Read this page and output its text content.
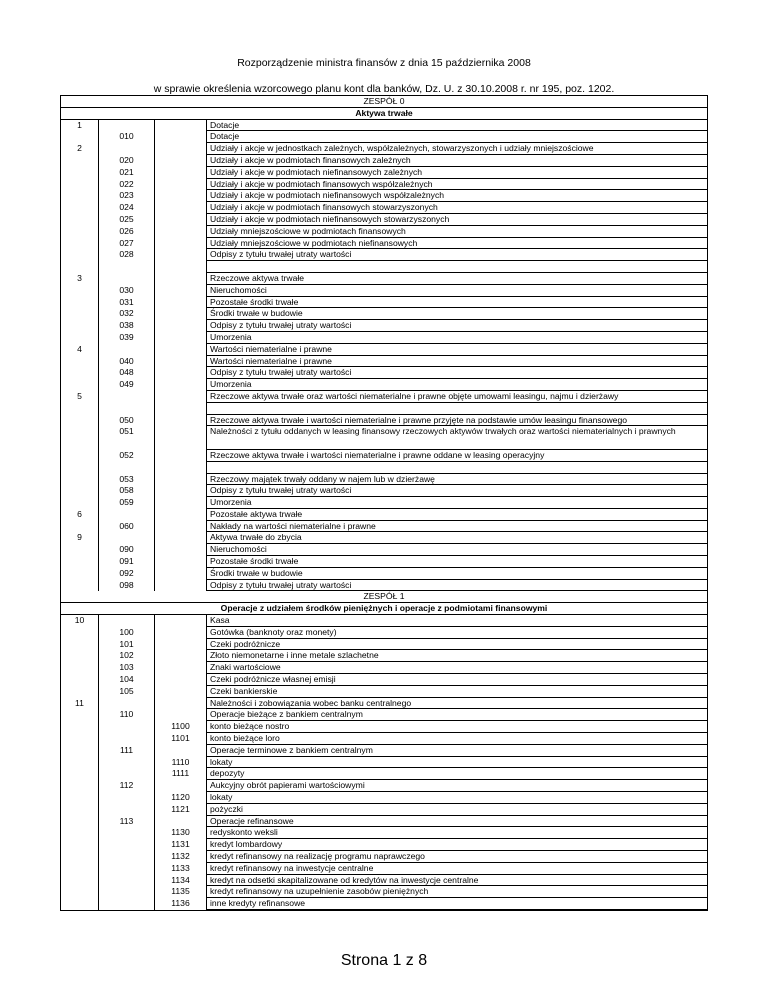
Rozporządzenie ministra finansów z dnia 15 października 2008
w sprawie określenia wzorcowego planu kont dla banków, Dz. U. z 30.10.2008 r. nr 195, poz. 1202.
ZESPÓŁ 0
Aktywa trwałe
1	Dotacje
010	Dotacje
2	Udziały i akcje w jednostkach zależnych, współzależnych, stowarzyszonych i udziały mniejszościowe
020	Udziały i akcje w podmiotach finansowych zależnych
021	Udziały i akcje w podmiotach niefinansowych zależnych
022	Udziały i akcje w podmiotach finansowych współzależnych
023	Udziały i akcje w podmiotach niefinansowych współzależnych
024	Udziały i akcje w podmiotach finansowych stowarzyszonych
025	Udziały i akcje w podmiotach niefinansowych stowarzyszonych
026	Udziały mniejszościowe w podmiotach finansowych
027	Udziały mniejszościowe w podmiotach niefinansowych
028	Odpisy z tytułu trwałej utraty wartości
3	Rzeczowe aktywa trwałe
030	Nieruchomości
031	Pozostałe środki trwałe
032	Środki trwałe w budowie
038	Odpisy z tytułu trwałej utraty wartości
039	Umorzenia
4	Wartości niematerialne i prawne
040	Wartości niematerialne i prawne
048	Odpisy z tytułu trwałej utraty wartości
049	Umorzenia
5	Rzeczowe aktywa trwałe oraz wartości niematerialne i prawne objęte umowami leasingu, najmu i dzierżawy
050	Rzeczowe aktywa trwałe i wartości niematerialne i prawne przyjęte na podstawie umów leasingu finansowego
051	Należności z tytułu oddanych w leasing finansowy rzeczowych aktywów trwałych oraz wartości niematerialnych i prawnych
052	Rzeczowe aktywa trwałe i wartości niematerialne i prawne oddane w leasing operacyjny
053	Rzeczowy majątek trwały oddany w najem lub w dzierżawę
058	Odpisy z tytułu trwałej utraty wartości
059	Umorzenia
6	Pozostałe aktywa trwałe
060	Nakłady na wartości niematerialne i prawne
9	Aktywa trwałe do zbycia
090	Nieruchomości
091	Pozostałe środki trwałe
092	Środki trwałe w budowie
098	Odpisy z tytułu trwałej utraty wartości
ZESPÓŁ 1
Operacje z udziałem środków pieniężnych i operacje z podmiotami finansowymi
10	Kasa
100	Gotówka (banknoty oraz monety)
101	Czeki podróżnicze
102	Złoto niemonetarne i inne metale szlachetne
103	Znaki wartościowe
104	Czeki podróżnicze własnej emisji
105	Czeki bankierskie
11	Należności i zobowiązania wobec banku centralnego
110	Operacje bieżące z bankiem centralnym
1100	konto bieżące nostro
1101	konto bieżące loro
111	Operacje terminowe z bankiem centralnym
1110	lokaty
1111	depozyty
112	Aukcyjny obrót papierami wartościowymi
1120	lokaty
1121	pożyczki
113	Operacje refinansowe
1130	redyskonto weksli
1131	kredyt lombardowy
1132	kredyt refinansowy na realizację programu naprawczego
1133	kredyt refinansowy na inwestycje centralne
1134	kredyt na odsetki skapitalizowane od kredytów na inwestycje centralne
1135	kredyt refinansowy na uzupełnienie zasobów pieniężnych
1136	inne kredyty refinansowe
Strona 1 z 8
